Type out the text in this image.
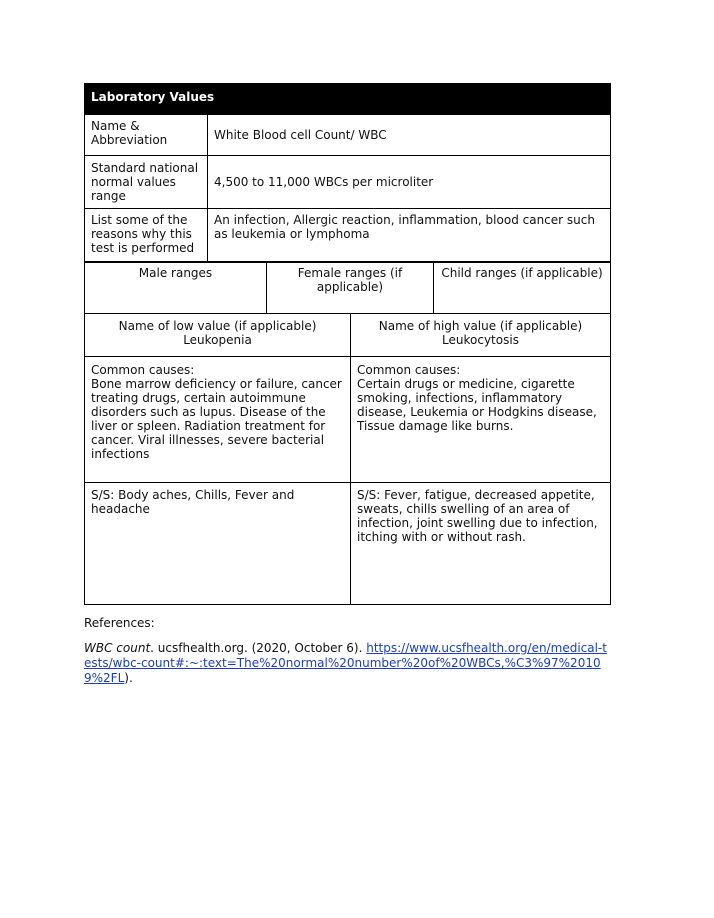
Laboratory Values
Name &
Abbreviation	White Blood cell Count/ WBC
Standard national normal values range
4,500 to 11,000 WBCs per microliter
List some of the reasons why this test is performed
An infection, Allergic reaction, inflammation, blood cancer such as leukemia or lymphoma
Male ranges	Female ranges (if applicable)
Child ranges (if applicable)
Name of low value (if applicable)
Leukopenia
Name of high value (if applicable)
Leukocytosis
Common causes:
Bone marrow deficiency or failure, cancer treating drugs, certain autoimmune disorders such as lupus. Disease of the liver or spleen. Radiation treatment for cancer. Viral illnesses, severe bacterial infections
Common causes:
Certain drugs or medicine, cigarette smoking, infections, inflammatory disease, Leukemia or Hodgkins disease, Tissue damage like burns.
S/S: Body aches, Chills, Fever and headache
S/S: Fever, fatigue, decreased appetite, sweats, chills swelling of an area of infection, joint swelling due to infection, itching with or without rash.
References:
WBC count. ucsfhealth.org. (2020, October 6). https://www.ucsfhealth.org/en/medical-tests/wbc-count#:~:text=The%20normal%20number%20of%20WBCs,%C3%97%20109%2FL).
